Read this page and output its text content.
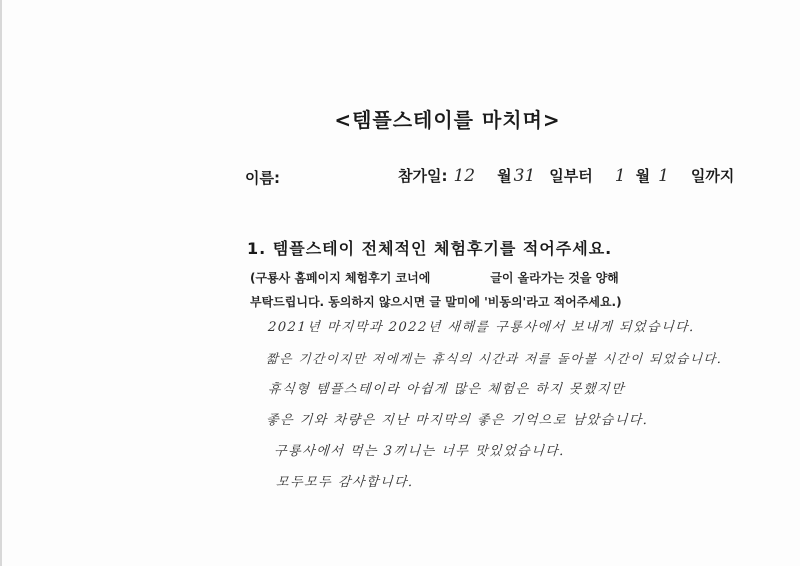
<템플스테이를 마치며>
이름:	참가일: 12 월 31 일부터 1 월 1 일까지
1. 템플스테이 전체적인 체험후기를 적어주세요.
(구룡사 홈페이지 체험후기 코너에	글이 올라가는 것을 양해
부탁드립니다. 동의하지 않으시면 글 말미에 '비동의'라고 적어주세요.)
2021년 마지막과 2022년 새해를 구룡사에서 보내게 되었습니다.
짧은 기간이지만 저에게는 휴식의 시간과 저를 돌아볼 시간이 되었습니다.
휴식형 템플스테이라 아쉽게 많은 체험은 하지 못했지만
좋은 기와 차량은 지난 마지막의 좋은 기억으로 남았습니다.
구룡사에서 먹는 3끼니는 너무 맛있었습니다.
모두모두 감사합니다.
